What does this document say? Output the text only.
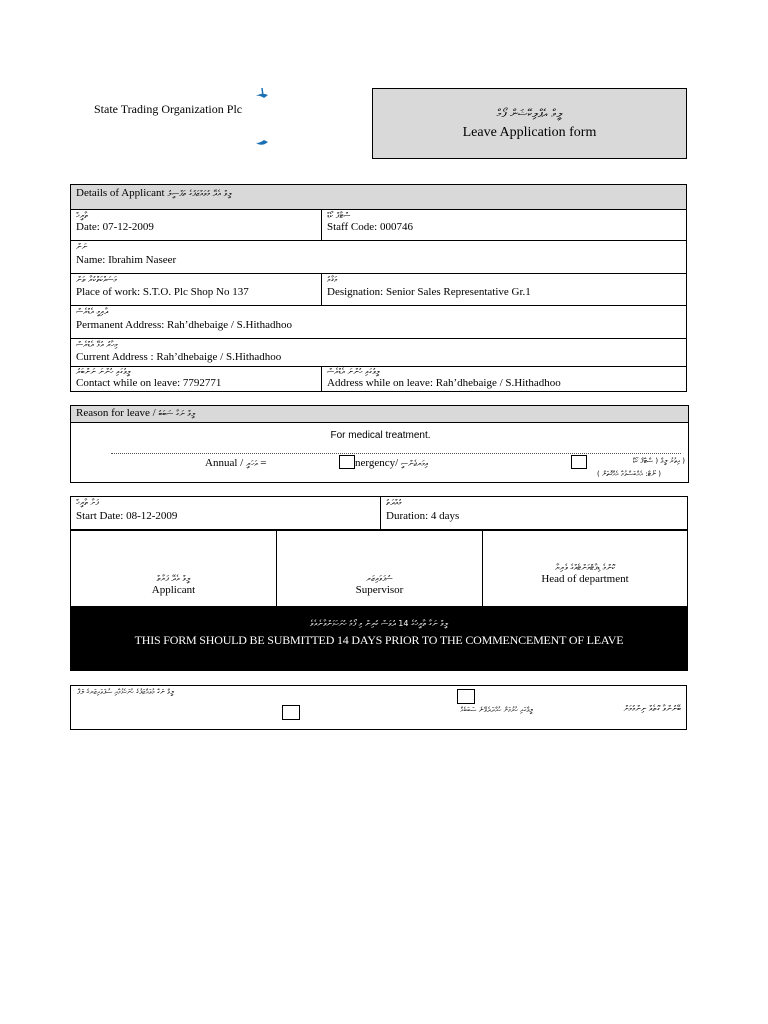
State Trading Organization Plc	ލީވް އެޕްލިކޭޝަން ފޯމް
Leave Application form
Details of Applicant ލީވް އެދޭ މުވައްޒަފުގެ ތަފްސީލު
ތާރީޚް
Date: 07-12-2009
ސްޓާފް ކޯޑް
Staff Code: 000746
ނަން
Name: Ibrahim Naseer
މަސައްކަތްކުރާ ތަން
Place of work: S.T.O. Plc Shop No 137
މަޤާމު
Designation: Senior Sales Representative Gr.1
ދާއިމީ އެޑްރެސް
Permanent Address: Rah’dhebaige / S.Hithadhoo
މިހާރު އުޅޭ އެޑްރެސް
Current Address : Rah’dhebaige / S.Hithadhoo
ލީވުގައި ހުންނަ ނަންބަރު
Contact while on leave: 7792771
ލީވުގައި ހުންނަ އެޑްރެސް
Address while on leave: Rah’dhebaige / S.Hithadhoo
Reason for leave / ލީވް ނަގާ ސަބަބު
For medical treatment.
Annual / އަހަރީ =	nergency/ އިމަރޖެންސީ	( އިތުރު ލީވް ( ސްޓާފް ކޯޑް
( ނޯޓް: އެއްބަސްވުމާ އެއްގޮތަށް )
ފަށާ ތާރީޚް
Start Date: 08-12-2009
މުއްދަތު
Duration: 4 days
ލީވް އެދޭ ފަރާތް
Applicant
ސުޕަވައިޒަރ
Supervisor
ކޮންމެ ޑިޕާޓްމަންޓެއްގެ ވެރިޔާ
Head of department
ލީވް ނަގާ ތާރީޚުގެ 14 ދުވަސް ކުރިން މި ފޯމު ހުށަހަޅަންވާނެއެވެ
THIS FORM SHOULD BE SUBMITTED 14 DAYS PRIOR TO THE COMMENCEMENT OF LEAVE
ލީވް ނަގާ މުވައްޒަފުގެ ހުށަހެޅުމާއި ސުޕަވައިޒަރގެ ލަފާ
ލީވްގައި ހުރުމަށް ހުއްދަދެވޭނެ ސަބަބެއް	ބޭނުންވާ ގޮތެއް ނިންމުމަށް
